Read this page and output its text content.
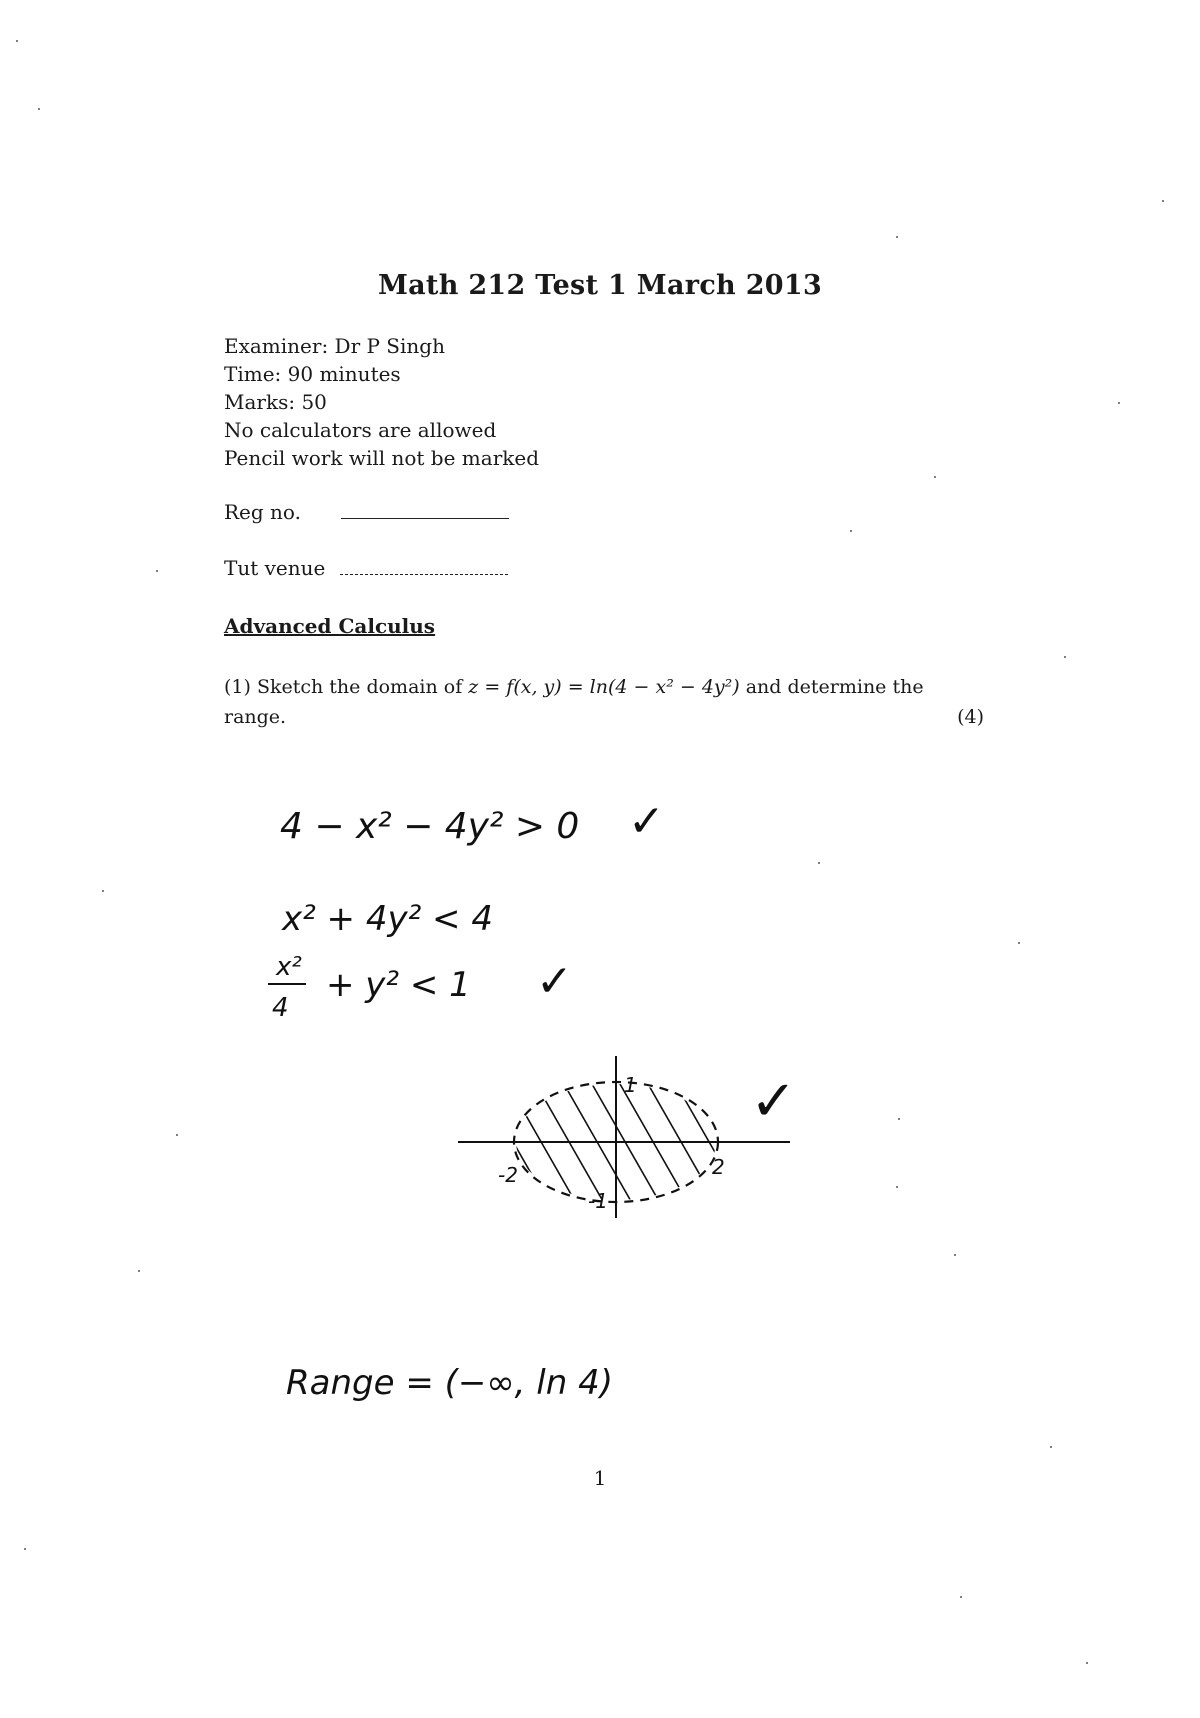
Math 212 Test 1 March 2013
Examiner: Dr P Singh
Time: 90 minutes
Marks: 50
No calculators are allowed
Pencil work will not be marked
Reg no.
Tut venue
Advanced Calculus
(1) Sketch the domain of z = f(x, y) = ln(4 − x² − 4y²) and determine the range.	(4)
4 − x² − 4y² > 0 ✓
x² + 4y² < 4
x²
4
+ y² < 1 ✓
1
-1
-2	2
✓
Range = (−∞, ln 4)
1
